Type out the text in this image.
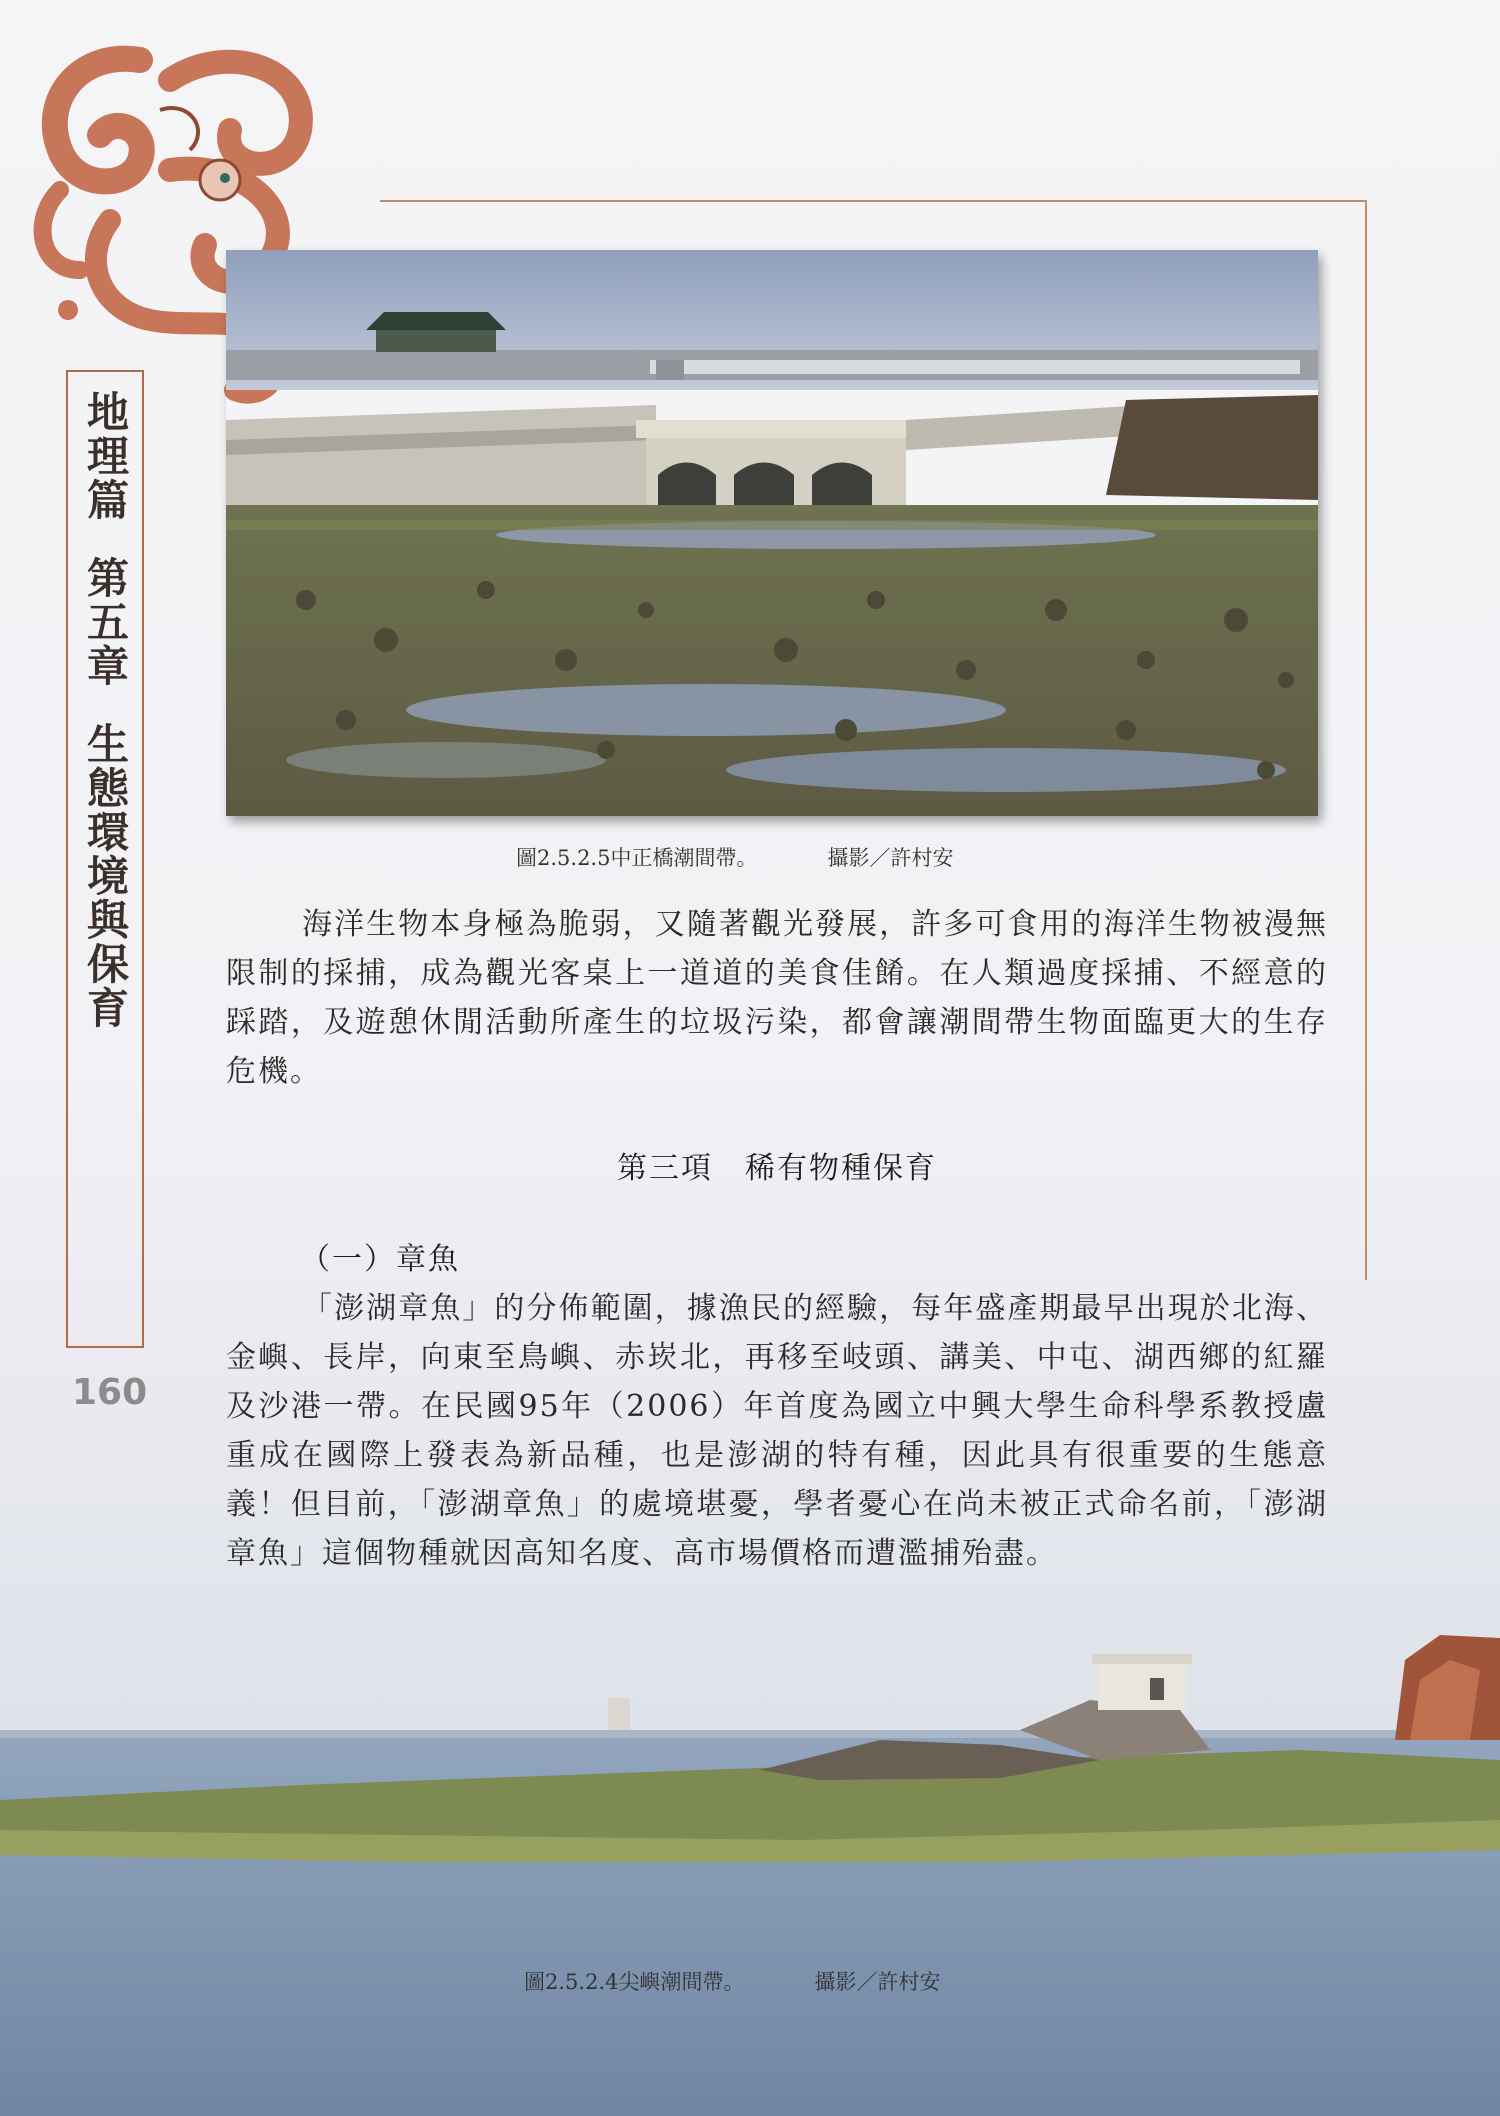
地理篇
第五章
生態環境與保育
160
圖2.5.2.5中正橋潮間帶。	攝影／許村安
海洋生物本身極為脆弱，又隨著觀光發展，許多可食用的海洋生物被漫無限制的採捕，成為觀光客桌上一道道的美食佳餚。在人類過度採捕、不經意的踩踏，及遊憩休閒活動所產生的垃圾污染，都會讓潮間帶生物面臨更大的生存危機。
第三項　稀有物種保育
（一）章魚
「澎湖章魚」的分佈範圍，據漁民的經驗，每年盛產期最早出現於北海、金嶼、長岸，向東至鳥嶼、赤崁北，再移至岐頭、講美、中屯、湖西鄉的紅羅及沙港一帶。在民國95年（2006）年首度為國立中興大學生命科學系教授盧重成在國際上發表為新品種，也是澎湖的特有種，因此具有很重要的生態意義！但目前，「澎湖章魚」的處境堪憂，學者憂心在尚未被正式命名前，「澎湖章魚」這個物種就因高知名度、高市場價格而遭濫捕殆盡。
圖2.5.2.4尖嶼潮間帶。	攝影／許村安
